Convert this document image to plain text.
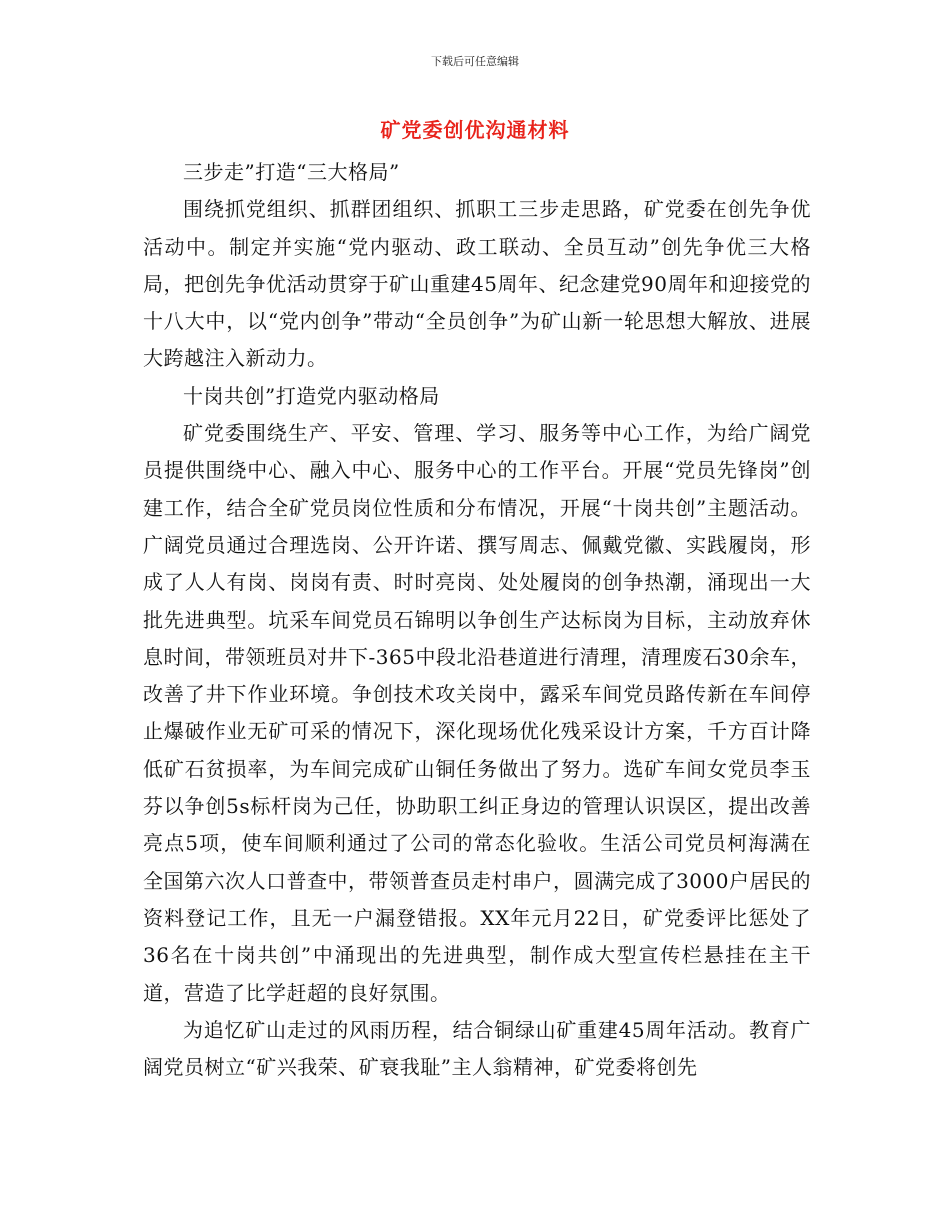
下载后可任意编辑
矿党委创优沟通材料

三步走”打造“三大格局”

围绕抓党组织、抓群团组织、抓职工三步走思路，矿党委在创先争优活动中。制定并实施“党内驱动、政工联动、全员互动”创先争优三大格局，把创先争优活动贯穿于矿山重建45周年、纪念建党90周年和迎接党的十八大中，以“党内创争”带动“全员创争”为矿山新一轮思想大解放、进展大跨越注入新动力。

十岗共创”打造党内驱动格局

矿党委围绕生产、平安、管理、学习、服务等中心工作，为给广阔党员提供围绕中心、融入中心、服务中心的工作平台。开展“党员先锋岗”创建工作，结合全矿党员岗位性质和分布情况，开展“十岗共创”主题活动。广阔党员通过合理选岗、公开许诺、撰写周志、佩戴党徽、实践履岗，形成了人人有岗、岗岗有责、时时亮岗、处处履岗的创争热潮，涌现出一大批先进典型。坑采车间党员石锦明以争创生产达标岗为目标，主动放弃休息时间，带领班员对井下-365中段北沿巷道进行清理，清理废石30余车，改善了井下作业环境。争创技术攻关岗中，露采车间党员路传新在车间停止爆破作业无矿可采的情况下，深化现场优化残采设计方案，千方百计降低矿石贫损率，为车间完成矿山铜任务做出了努力。选矿车间女党员李玉芬以争创5s标杆岗为己任，协助职工纠正身边的管理认识误区，提出改善亮点5项，使车间顺利通过了公司的常态化验收。生活公司党员柯海满在全国第六次人口普查中，带领普查员走村串户，圆满完成了3000户居民的资料登记工作，且无一户漏登错报。XX年元月22日，矿党委评比惩处了36名在十岗共创”中涌现出的先进典型，制作成大型宣传栏悬挂在主干道，营造了比学赶超的良好氛围。

为追忆矿山走过的风雨历程，结合铜绿山矿重建45周年活动。教育广阔党员树立“矿兴我荣、矿衰我耻”主人翁精神，矿党委将创先
